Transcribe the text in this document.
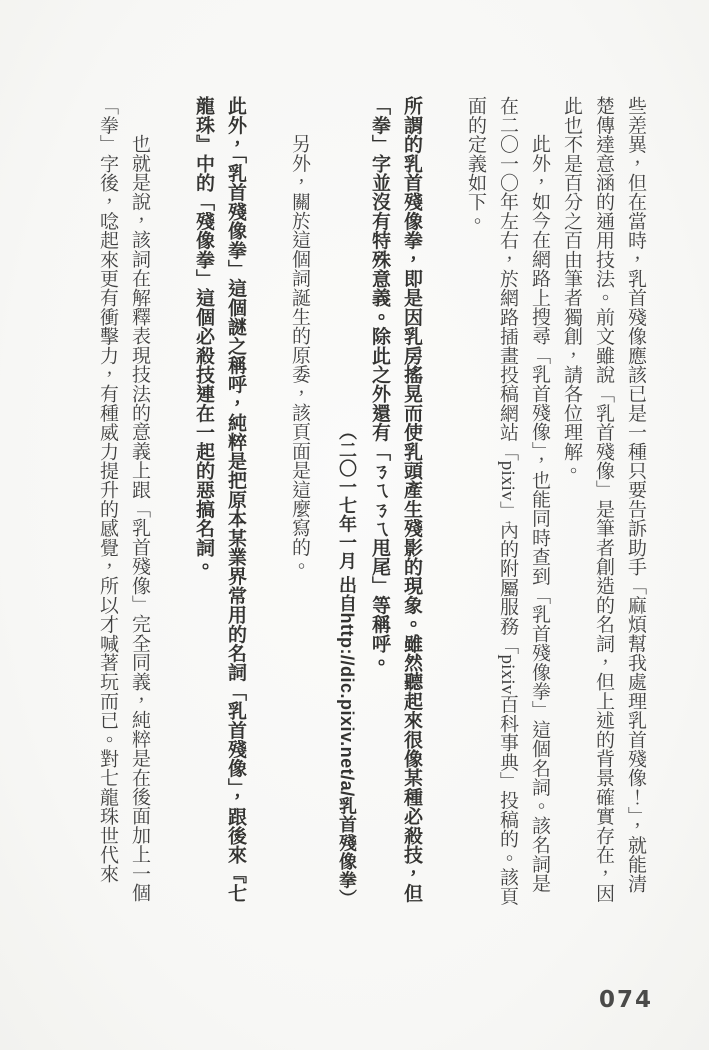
些差異，但在當時，乳首殘像應該已是一種只要告訴助手「麻煩幫我處理乳首殘像！」，就能清楚傳達意涵的通用技法。前文雖說「乳首殘像」是筆者創造的名詞，但上述的背景確實存在，因此也不是百分之百由筆者獨創，請各位理解。

此外，如今在網路上搜尋「乳首殘像」，也能同時查到「乳首殘像拳」這個名詞。該名詞是在二〇一〇年左右，於網路插畫投稿網站「pixiv」內的附屬服務「pixiv百科事典」投稿的。該頁面的定義如下。

所謂的乳首殘像拳，即是因乳房搖晃而使乳頭產生殘影的現象。雖然聽起來很像某種必殺技，但「拳」字並沒有特殊意義。除此之外還有「ㄋㄟㄋㄟ甩尾」等稱呼。

（二〇一七年一月 出自http://dic.pixiv.net/a/乳首殘像拳）

另外，關於這個詞誕生的原委，該頁面是這麼寫的。

此外，「乳首殘像拳」這個謎之稱呼，純粹是把原本某業界常用的名詞「乳首殘像」，跟後來『七龍珠』中的「殘像拳」這個必殺技連在一起的惡搞名詞。

也就是說，該詞在解釋表現技法的意義上跟「乳首殘像」完全同義，純粹是在後面加上一個「拳」字後，唸起來更有衝擊力，有種威力提升的感覺，所以才喊著玩而已。對七龍珠世代來

074
